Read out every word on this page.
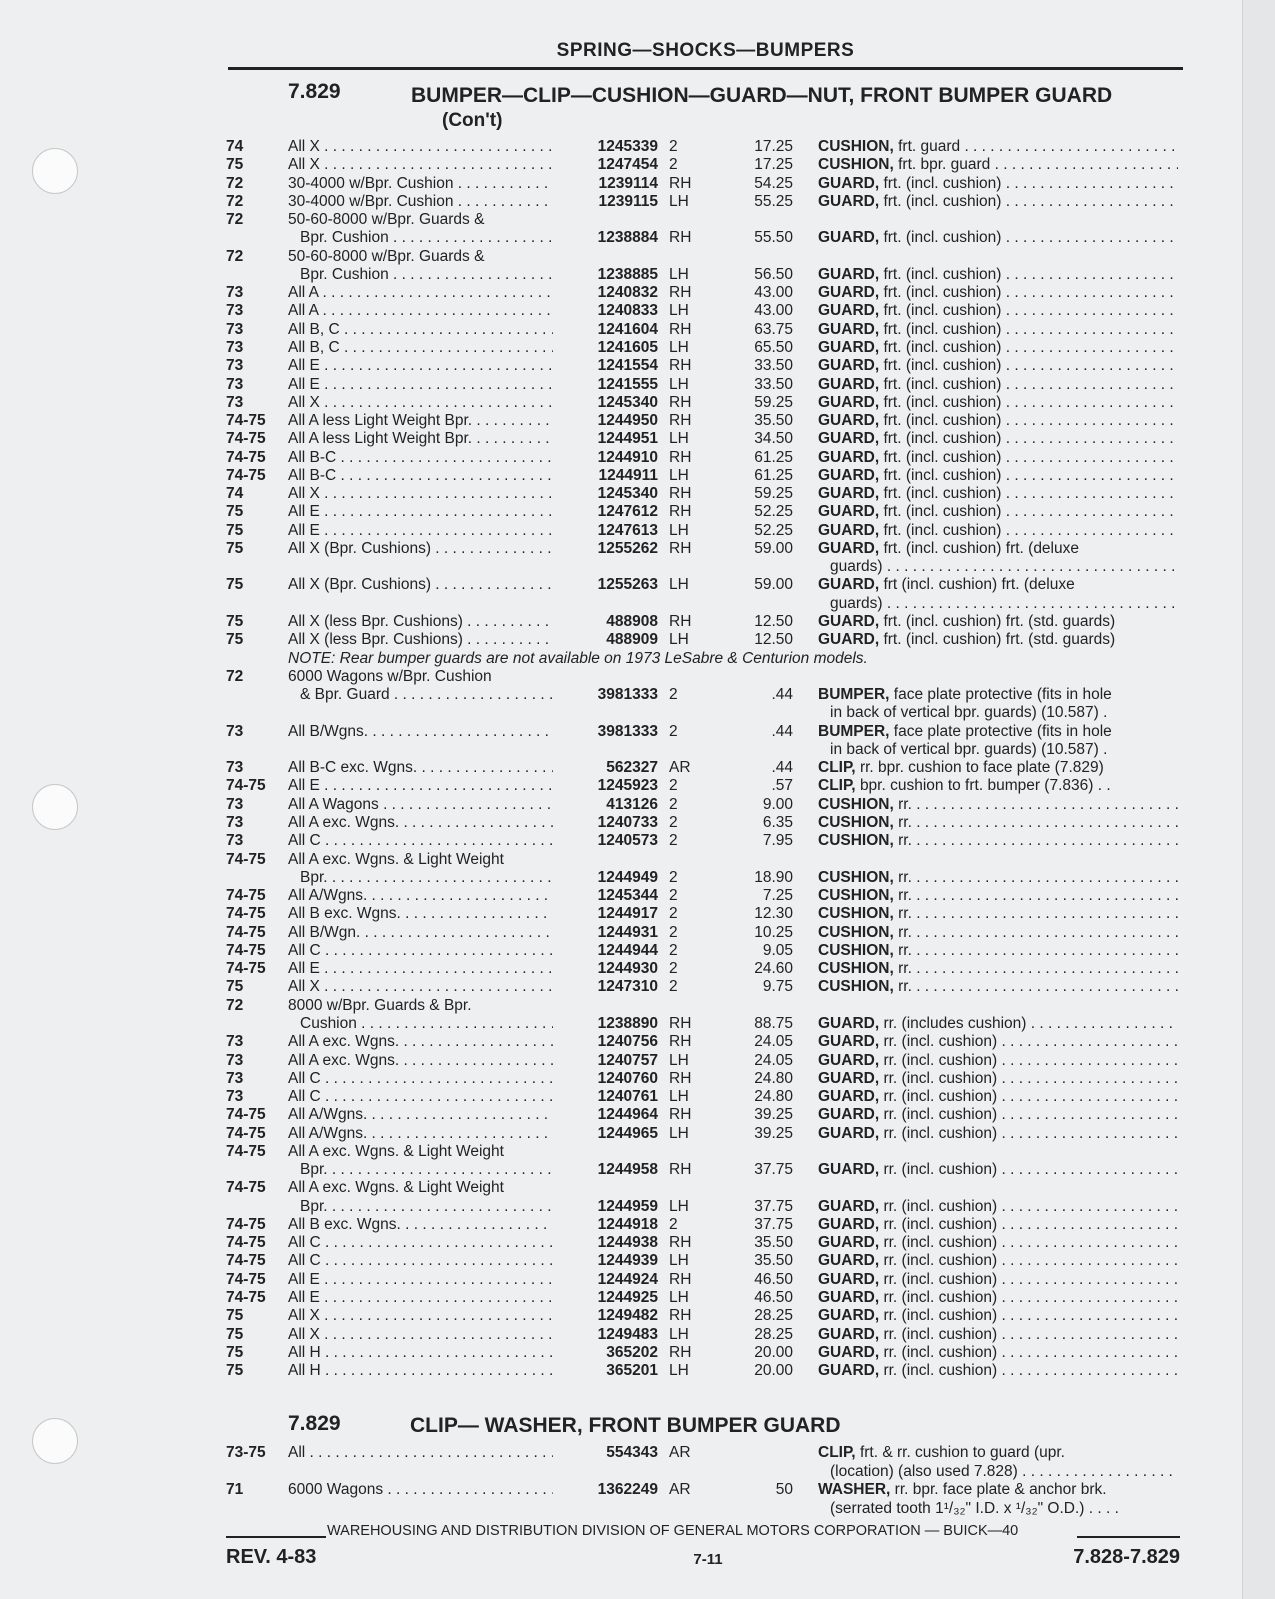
SPRING—SHOCKS—BUMPERS
7.829	BUMPER—CLIP—CUSHION—GUARD—NUT, FRONT BUMPER GUARD
(Con't)
74	All X . . .	1245339 2	17.25 CUSHION, frt. guard . . .
75	All X . . .	1247454 2	17.25 CUSHION, frt. bpr. guard . . .
72	30-4000 w/Bpr. Cushion . . .	1239114 RH	54.25 GUARD, frt. (incl. cushion) . . .
72	30-4000 w/Bpr. Cushion . . .	1239115 LH	55.25 GUARD, frt. (incl. cushion) . . .
72	50-60-8000 w/Bpr. Guards &
Bpr. Cushion . . .	1238884 RH	55.50 GUARD, frt. (incl. cushion) . . .
72	50-60-8000 w/Bpr. Guards &
Bpr. Cushion . . .	1238885 LH	56.50 GUARD, frt. (incl. cushion) . . .
73	All A . . .	1240832 RH	43.00 GUARD, frt. (incl. cushion) . . .
73	All A . . .	1240833 LH	43.00 GUARD, frt. (incl. cushion) . . .
73	All B, C . . .	1241604 RH	63.75 GUARD, frt. (incl. cushion) . . .
73	All B, C . . .	1241605 LH	65.50 GUARD, frt. (incl. cushion) . . .
73	All E . . .	1241554 RH	33.50 GUARD, frt. (incl. cushion) . . .
73	All E . . .	1241555 LH	33.50 GUARD, frt. (incl. cushion) . . .
73	All X . . .	1245340 RH	59.25 GUARD, frt. (incl. cushion) . . .
74-75 All A less Light Weight Bpr. . . .	1244950 RH	35.50 GUARD, frt. (incl. cushion) . . .
74-75 All A less Light Weight Bpr. . . .	1244951 LH	34.50 GUARD, frt. (incl. cushion) . . .
74-75 All B-C . . .	1244910 RH	61.25 GUARD, frt. (incl. cushion) . . .
74-75 All B-C . . .	1244911 LH	61.25 GUARD, frt. (incl. cushion) . . .
74	All X . . .	1245340 RH	59.25 GUARD, frt. (incl. cushion) . . .
75	All E . . .	1247612 RH	52.25 GUARD, frt. (incl. cushion) . . .
75	All E . . .	1247613 LH	52.25 GUARD, frt. (incl. cushion) . . .
75	All X (Bpr. Cushions) . . .	1255262 RH	59.00 GUARD, frt. (incl. cushion) frt. (deluxe
guards) . . .
75	All X (Bpr. Cushions) . . .	1255263 LH	59.00 GUARD, frt (incl. cushion) frt. (deluxe
guards) . . .
75	All X (less Bpr. Cushions) . . .	488908 RH	12.50 GUARD, frt. (incl. cushion) frt. (std. guards)
75	All X (less Bpr. Cushions) . . .	488909 LH	12.50 GUARD, frt. (incl. cushion) frt. (std. guards)
NOTE: Rear bumper guards are not available on 1973 LeSabre & Centurion models.
72	6000 Wagons w/Bpr. Cushion
& Bpr. Guard . . .	3981333 2	.44 BUMPER, face plate protective (fits in hole
in back of vertical bpr. guards) (10.587) .
73	All B/Wgns. . . .	3981333 2	.44 BUMPER, face plate protective (fits in hole
in back of vertical bpr. guards) (10.587) .
73	All B-C exc. Wgns. . . .	562327 AR	.44 CLIP, rr. bpr. cushion to face plate (7.829)
74-75 All E . . .	1245923 2	.57 CLIP, bpr. cushion to frt. bumper (7.836) . .
73	All A Wagons . . .	413126 2	9.00 CUSHION, rr. . . .
73	All A exc. Wgns. . . .	1240733 2	6.35 CUSHION, rr. . . .
73	All C . . .	1240573 2	7.95 CUSHION, rr. . . .
74-75 All A exc. Wgns. & Light Weight
Bpr. . . .	1244949 2	18.90 CUSHION, rr. . . .
74-75 All A/Wgns. . . .	1245344 2	7.25 CUSHION, rr. . . .
74-75 All B exc. Wgns. . . .	1244917 2	12.30 CUSHION, rr. . . .
74-75 All B/Wgn. . . .	1244931 2	10.25 CUSHION, rr. . . .
74-75 All C . . .	1244944 2	9.05 CUSHION, rr. . . .
74-75 All E . . .	1244930 2	24.60 CUSHION, rr. . . .
75	All X . . .	1247310 2	9.75 CUSHION, rr. . . .
72	8000 w/Bpr. Guards & Bpr.
Cushion . . .	1238890 RH	88.75 GUARD, rr. (includes cushion) . . .
73	All A exc. Wgns. . . .	1240756 RH	24.05 GUARD, rr. (incl. cushion) . . .
73	All A exc. Wgns. . . .	1240757 LH	24.05 GUARD, rr. (incl. cushion) . . .
73	All C . . .	1240760 RH	24.80 GUARD, rr. (incl. cushion) . . .
73	All C . . .	1240761 LH	24.80 GUARD, rr. (incl. cushion) . . .
74-75 All A/Wgns. . . .	1244964 RH	39.25 GUARD, rr. (incl. cushion) . . .
74-75 All A/Wgns. . . .	1244965 LH	39.25 GUARD, rr. (incl. cushion) . . .
74-75 All A exc. Wgns. & Light Weight
Bpr. . . .	1244958 RH	37.75 GUARD, rr. (incl. cushion) . . .
74-75 All A exc. Wgns. & Light Weight
Bpr. . . .	1244959 LH	37.75 GUARD, rr. (incl. cushion) . . .
74-75 All B exc. Wgns. . . .	1244918 2	37.75 GUARD, rr. (incl. cushion) . . .
74-75 All C . . .	1244938 RH	35.50 GUARD, rr. (incl. cushion) . . .
74-75 All C . . .	1244939 LH	35.50 GUARD, rr. (incl. cushion) . . .
74-75 All E . . .	1244924 RH	46.50 GUARD, rr. (incl. cushion) . . .
74-75 All E . . .	1244925 LH	46.50 GUARD, rr. (incl. cushion) . . .
75	All X . . .	1249482 RH	28.25 GUARD, rr. (incl. cushion) . . .
75	All X . . .	1249483 LH	28.25 GUARD, rr. (incl. cushion) . . .
75	All H . . .	365202 RH	20.00 GUARD, rr. (incl. cushion) . . .
75	All H . . .	365201 LH	20.00 GUARD, rr. (incl. cushion) . . .
7.829	CLIP— WASHER, FRONT BUMPER GUARD
73-75 All . . .	554343 AR	CLIP, frt. & rr. cushion to guard (upr.
(location) (also used 7.828) . . .
71	6000 Wagons . . .	1362249 AR	50 WASHER, rr. bpr. face plate & anchor brk.
(serrated tooth 1¹/₃₂" I.D. x ¹/₃₂" O.D.) . . . .
WAREHOUSING AND DISTRIBUTION DIVISION OF GENERAL MOTORS CORPORATION — BUICK—40
REV. 4-83	7-11	7.828-7.829
